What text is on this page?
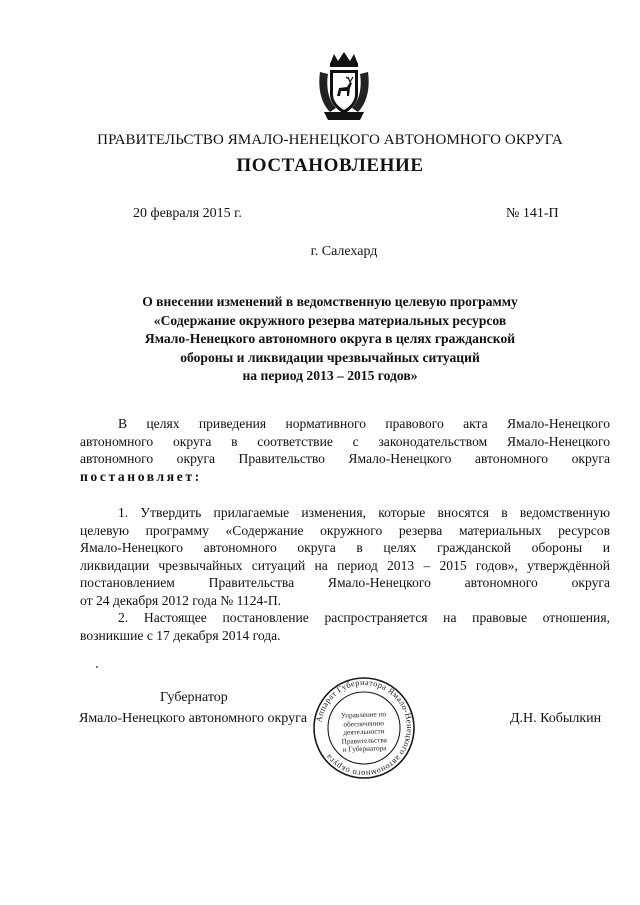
ПРАВИТЕЛЬСТВО ЯМАЛО-НЕНЕЦКОГО АВТОНОМНОГО ОКРУГА
ПОСТАНОВЛЕНИЕ
20 февраля 2015 г.	№ 141-П
г. Салехард
О внесении изменений в ведомственную целевую программу
«Содержание окружного резерва материальных ресурсов
Ямало-Ненецкого автономного округа в целях гражданской
обороны и ликвидации чрезвычайных ситуаций
на период 2013 – 2015 годов»
В целях приведения нормативного правового акта Ямало-Ненецкого
автономного округа в соответствие с законодательством Ямало-Ненецкого
автономного округа Правительство Ямало-Ненецкого автономного округа
постановляет:
1. Утвердить прилагаемые изменения, которые вносятся в ведомственную
целевую программу «Содержание окружного резерва материальных ресурсов
Ямало-Ненецкого автономного округа в целях гражданской обороны и
ликвидации чрезвычайных ситуаций на период 2013 – 2015 годов», утверждённой
постановлением Правительства Ямало-Ненецкого автономного округа
от 24 декабря 2012 года № 1124-П.
2. Настоящее постановление распространяется на правовые отношения,
возникшие с 17 декабря 2014 года.
Губернатор
Ямало-Ненецкого автономного округа	Д.Н. Кобылкин
Аппарат Губернатора Ямало-Ненецкого автономного округа
Управление по
обеспечению
деятельности
Правительства
и Губернатора
